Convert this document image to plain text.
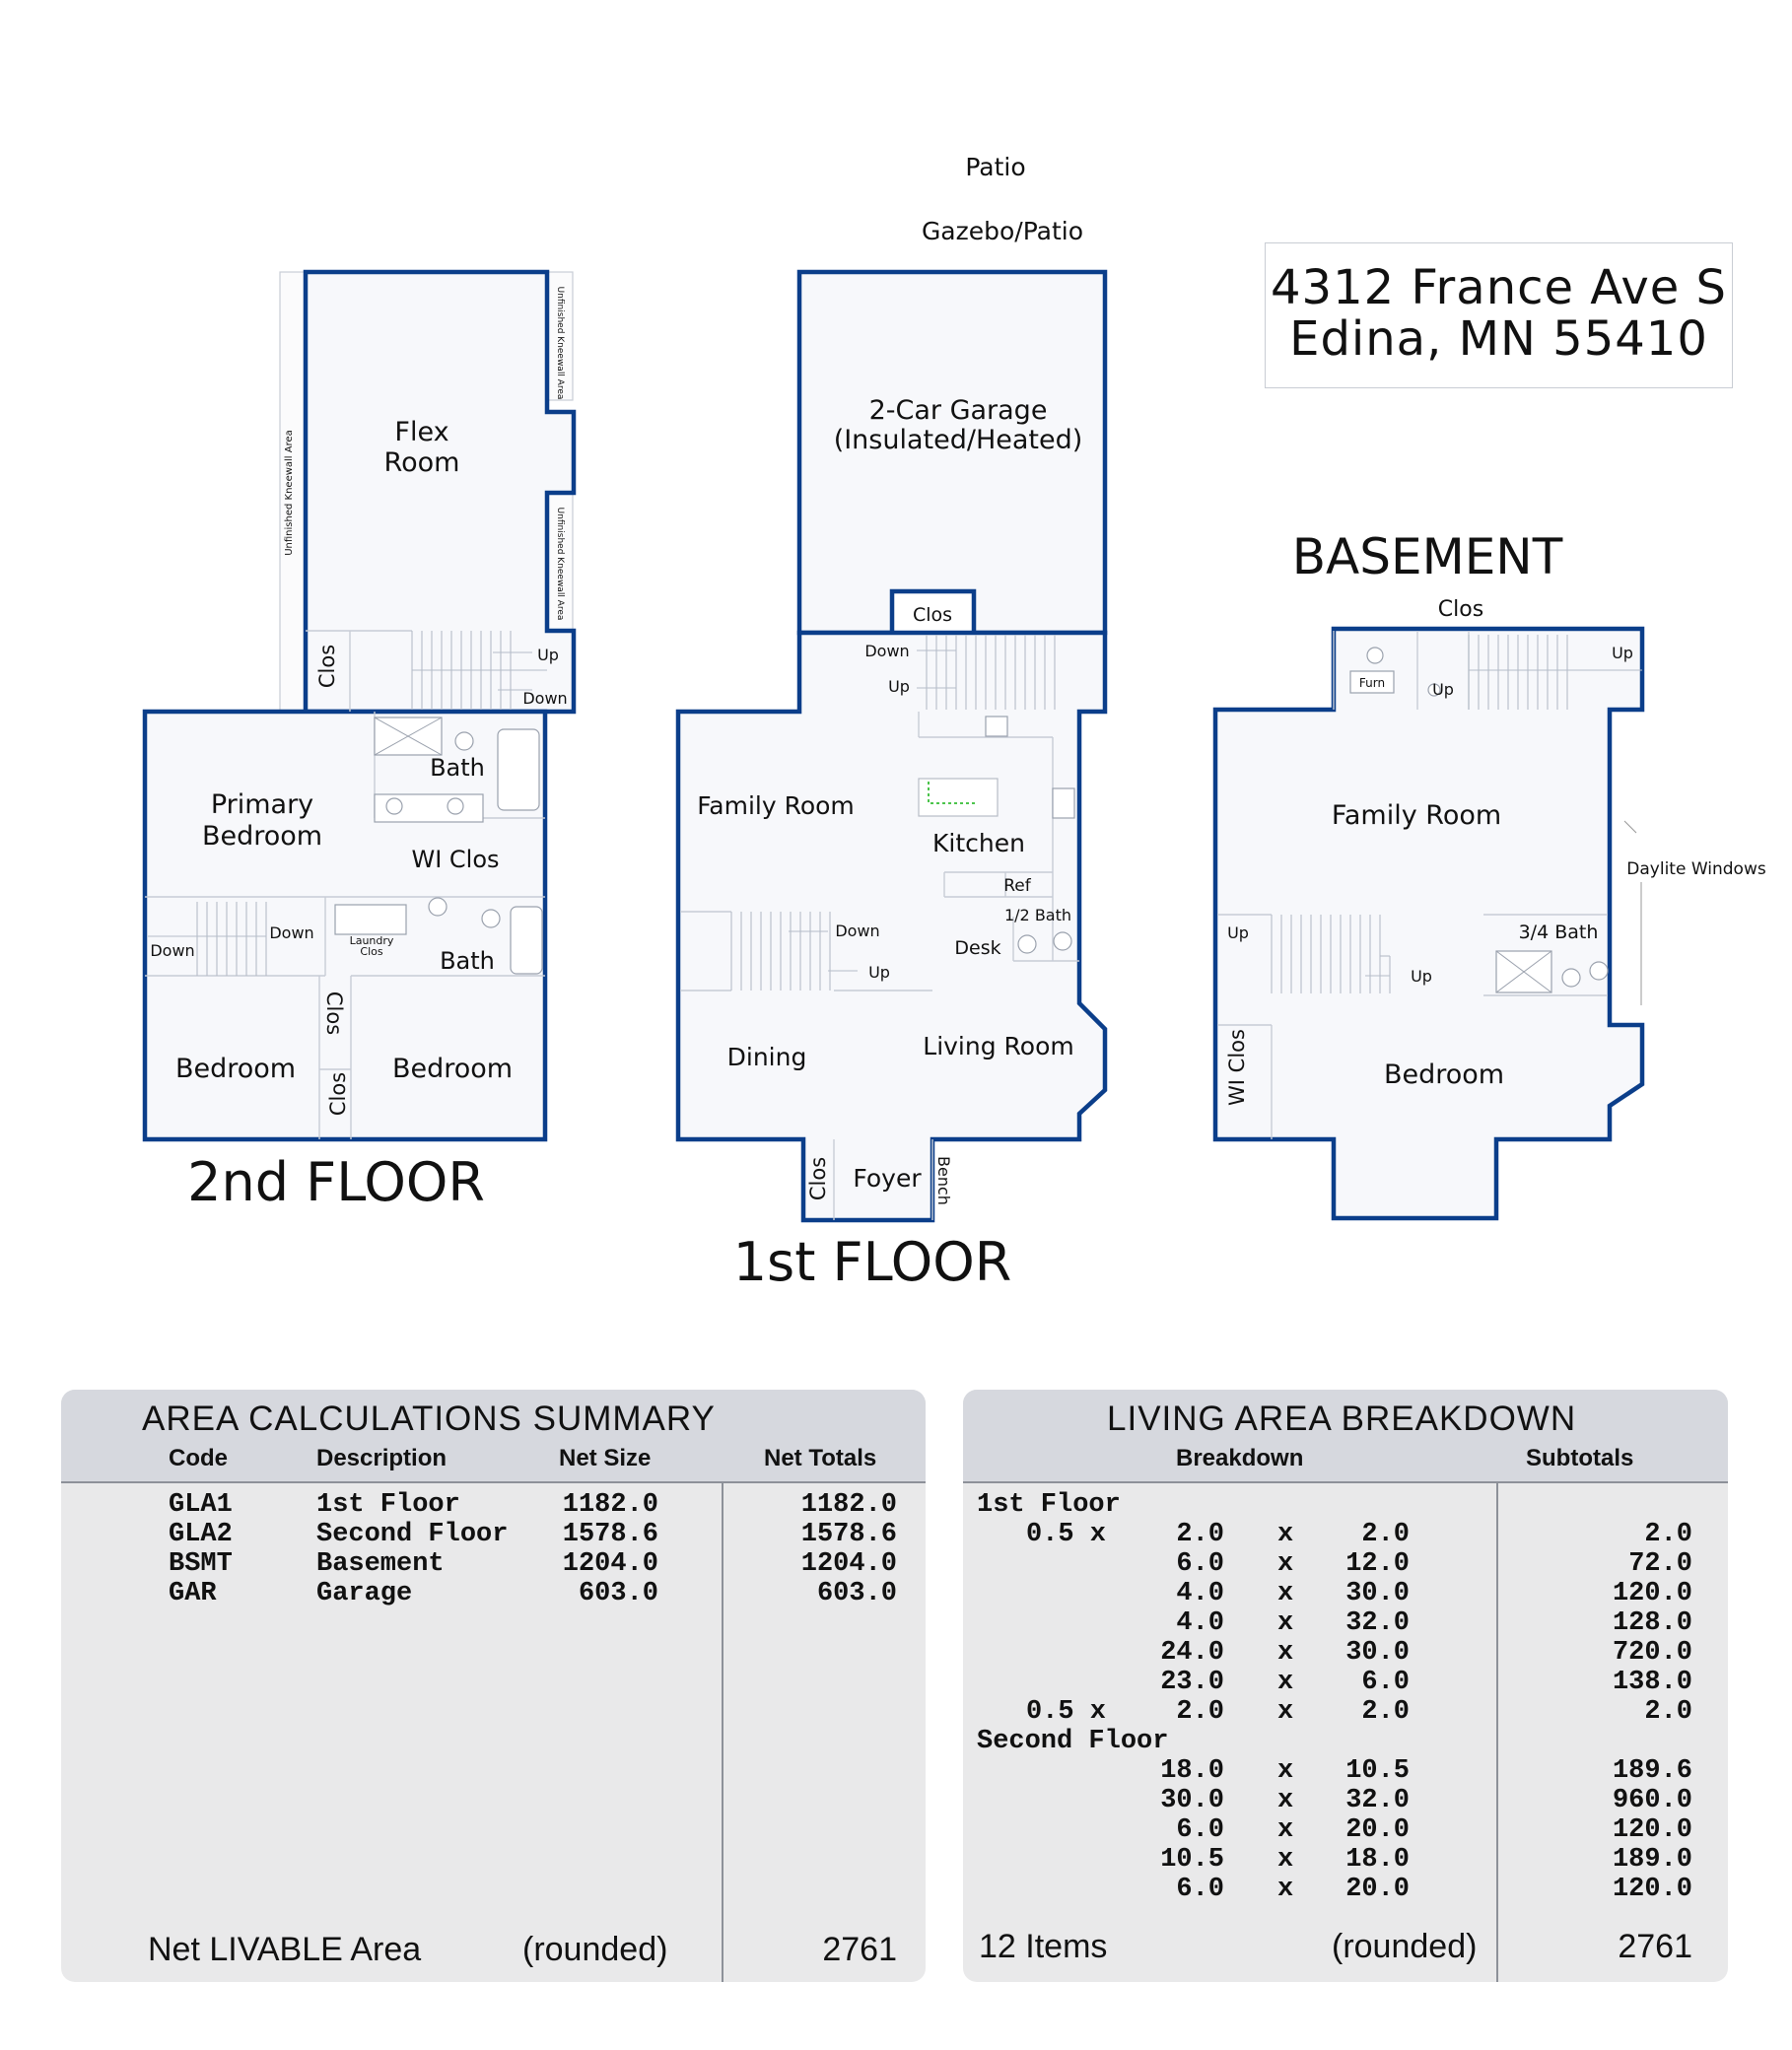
Patio
Gazebo/Patio
Unfinished Kneewall Area
Unfinished Kneewall Area
Unfinished Kneewall Area
Flex
Room
Clos	Up
Down
Bath
Primary
Bedroom
WI Clos
Down
Down	Laundry
Clos Bath
Clos
Clos
Bedroom	Bedroom
2nd FLOOR
2-Car Garage
(Insulated/Heated)
Clos
Down
Up
Family Room
Kitchen
Ref
1/2 Bath
Desk
Down
Up
Dining	Living Room
Clos Foyer Bench
1st FLOOR
BASEMENT
Clos
Furn	Up
Up
Family Room
Daylite Windows
Up
Up
3/4 Bath
WI Clos	Bedroom
4312 France Ave S
Edina, MN 55410
AREA CALCULATIONS SUMMARY
Code	Description	Net Size	Net Totals
GLA1	1st Floor	1182.0	1182.0
GLA2	Second Floor	1578.6	1578.6
BSMT	Basement	1204.0	1204.0
GAR	Garage	603.0	603.0
Net LIVABLE Area	(rounded)	2761
LIVING AREA BREAKDOWN
Breakdown	Subtotals
1st Floor
0.5 x	2.0 x	2.0	2.0
6.0 x	12.0	72.0
4.0 x	30.0	120.0
4.0 x	32.0	128.0
24.0 x	30.0	720.0
23.0 x	6.0	138.0
0.5 x	2.0 x	2.0	2.0
Second Floor
18.0 x	10.5	189.6
30.0 x	32.0	960.0
6.0 x	20.0	120.0
10.5 x	18.0	189.0
6.0 x	20.0	120.0
12 Items	(rounded)	2761
